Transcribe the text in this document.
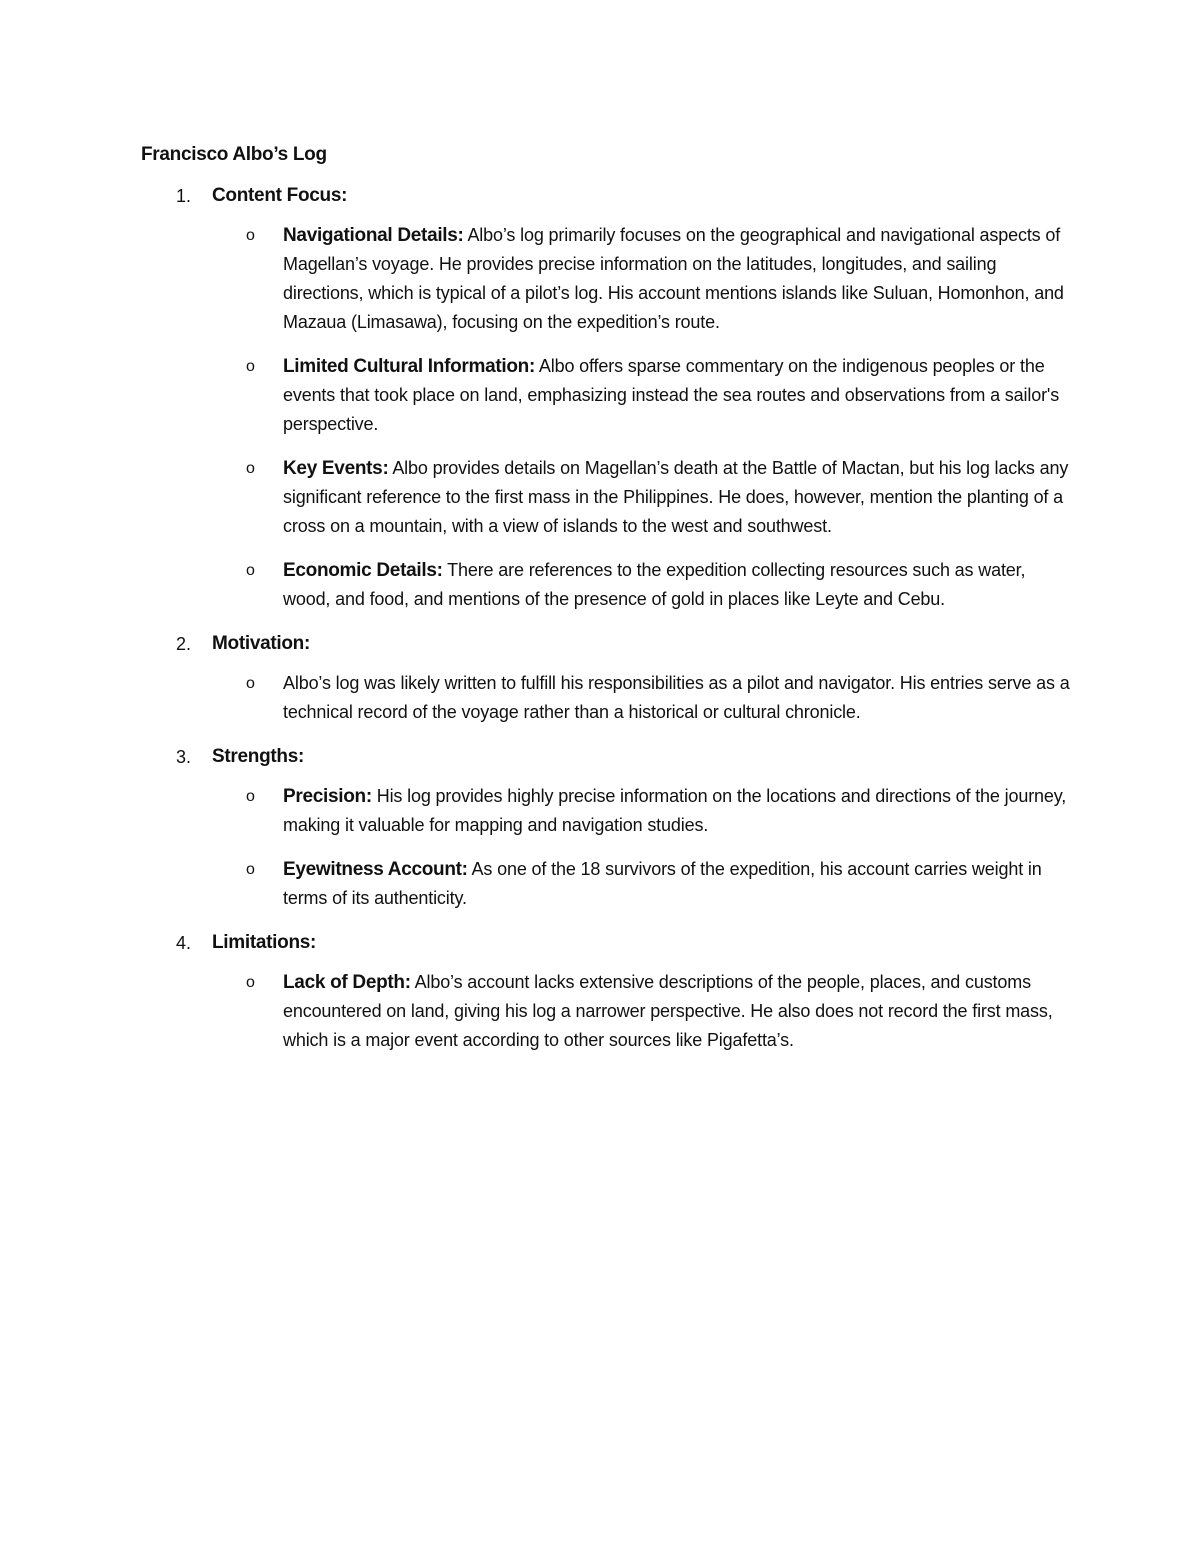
Francisco Albo’s Log
1. Content Focus:
o Navigational Details: Albo’s log primarily focuses on the geographical and navigational aspects of Magellan’s voyage. He provides precise information on the latitudes, longitudes, and sailing directions, which is typical of a pilot’s log. His account mentions islands like Suluan, Homonhon, and Mazaua (Limasawa), focusing on the expedition’s route.
o Limited Cultural Information: Albo offers sparse commentary on the indigenous peoples or the events that took place on land, emphasizing instead the sea routes and observations from a sailor's perspective.
o Key Events: Albo provides details on Magellan’s death at the Battle of Mactan, but his log lacks any significant reference to the first mass in the Philippines. He does, however, mention the planting of a cross on a mountain, with a view of islands to the west and southwest.
o Economic Details: There are references to the expedition collecting resources such as water, wood, and food, and mentions of the presence of gold in places like Leyte and Cebu.
2. Motivation:
o Albo’s log was likely written to fulfill his responsibilities as a pilot and navigator. His entries serve as a technical record of the voyage rather than a historical or cultural chronicle.
3. Strengths:
o Precision: His log provides highly precise information on the locations and directions of the journey, making it valuable for mapping and navigation studies.
o Eyewitness Account: As one of the 18 survivors of the expedition, his account carries weight in terms of its authenticity.
4. Limitations:
o Lack of Depth: Albo’s account lacks extensive descriptions of the people, places, and customs encountered on land, giving his log a narrower perspective. He also does not record the first mass, which is a major event according to other sources like Pigafetta’s.
